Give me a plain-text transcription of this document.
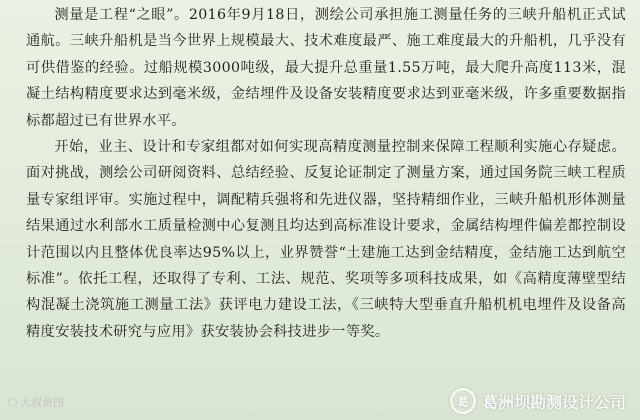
测量是工程“之眼”。2016年9月18日，测绘公司承担施工测量任务的三峡升船机正式试通航。三峡升船机是当今世界上规模最大、技术难度最严、施工难度最大的升船机，几乎没有可供借鉴的经验。过船规模3000吨级，最大提升总重量1.55万吨，最大爬升高度113米，混凝土结构精度要求达到毫米级，金结埋件及设备安装精度要求达到亚毫米级，许多重要数据指标都超过已有世界水平。

开始，业主、设计和专家组都对如何实现高精度测量控制来保障工程顺利实施心存疑虑。面对挑战，测绘公司研阅资料、总结经验、反复论证制定了测量方案，通过国务院三峡工程质量专家组评审。实施过程中，调配精兵强将和先进仪器，坚持精细作业，三峡升船机形体测量结果通过水利部水工质量检测中心复测且均达到高标准设计要求，金属结构埋件偏差都控制设计范围以内且整体优良率达95%以上，业界赞誉“土建施工达到金结精度，金结施工达到航空标准”。依托工程，还取得了专利、工法、规范、奖项等多项科技成果，如《高精度薄壁型结构混凝土浇筑施工测量工法》获评电力建设工法，《三峡特大型垂直升船机机电埋件及设备高精度安装技术研究与应用》获安装协会科技进步一等奖。

大叔谐图	葛 葛洲坝勘测设计公司
